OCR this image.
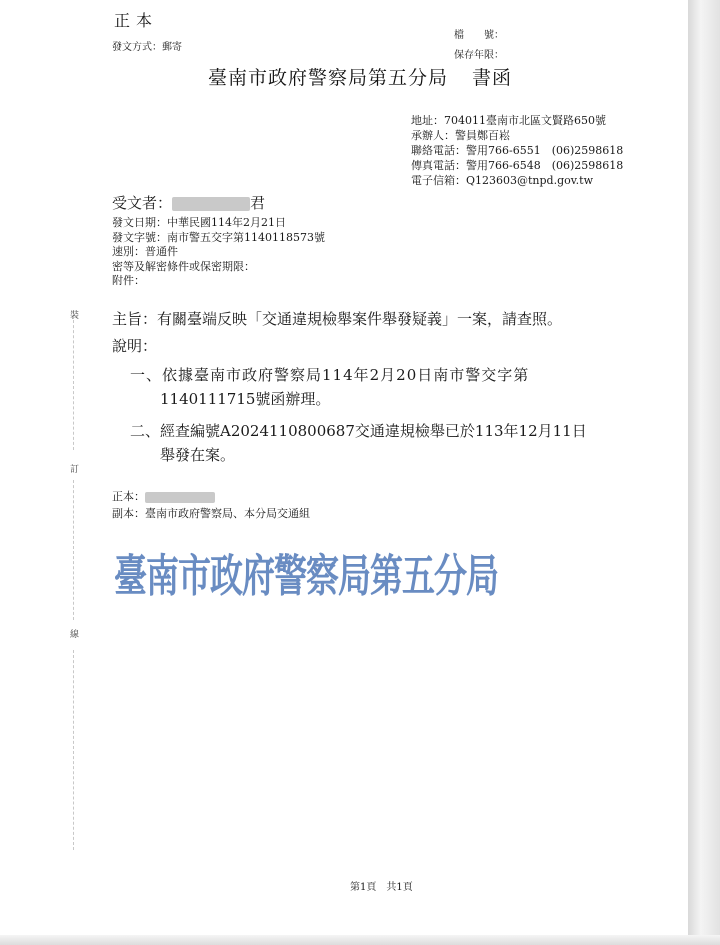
正本
發文方式：郵寄
檔　　號：
保存年限：
臺南市政府警察局第五分局 書函
地址：704011臺南市北區文賢路650號
承辦人：警員鄭百崧
聯絡電話：警用766-6551　(06)2598618
傳真電話：警用766-6548　(06)2598618
電子信箱：Q123603@tnpd.gov.tw
受文者：	君
發文日期：中華民國114年2月21日
發文字號：南市警五交字第1140118573號
速別：普通件
密等及解密條件或保密期限：
附件：
主旨：有關臺端反映「交通違規檢舉案件舉發疑義」一案，請查照。
說明：
一、依據臺南市政府警察局114年2月20日南市警交字第
1140111715號函辦理。
二、經查編號A2024110800687交通違規檢舉已於113年12月11日
舉發在案。
正本：
副本：臺南市政府警察局、本分局交通組
臺南市政府警察局第五分局
裝
訂
線
第1頁　共1頁
